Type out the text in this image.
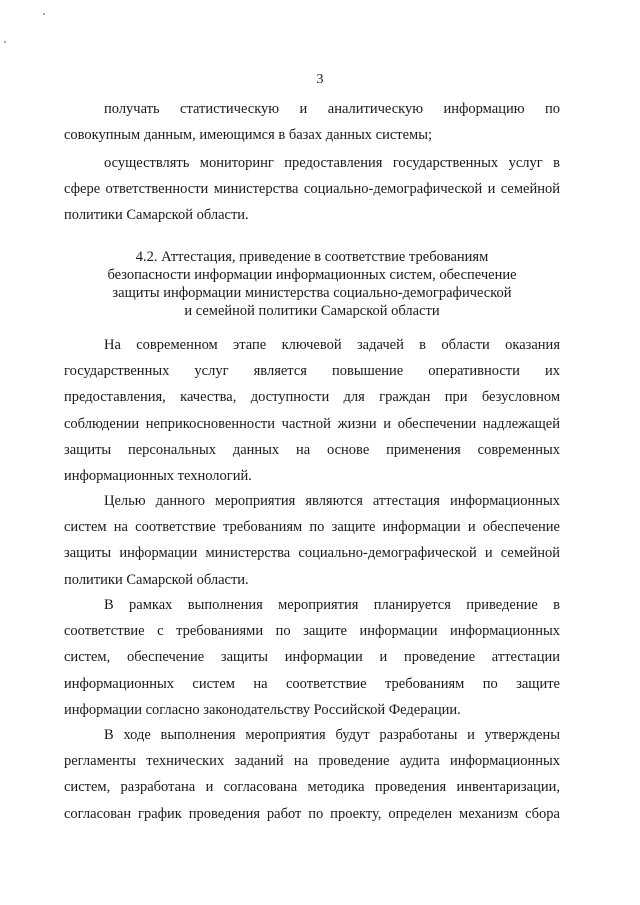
3
получать статистическую и аналитическую информацию по
совокупным данным, имеющимся в базах данных системы;
осуществлять мониторинг предоставления государственных услуг в
сфере ответственности министерства социально-демографической и семейной
политики Самарской области.
4.2. Аттестация, приведение в соответствие требованиям
безопасности информации информационных систем, обеспечение
защиты информации министерства социально-демографической
и семейной политики Самарской области
На современном этапе ключевой задачей в области оказания
государственных услуг является повышение оперативности их
предоставления, качества, доступности для граждан при безусловном
соблюдении неприкосновенности частной жизни и обеспечении надлежащей
защиты персональных данных на основе применения современных
информационных технологий.
Целью данного мероприятия являются аттестация информационных
систем на соответствие требованиям по защите информации и обеспечение
защиты информации министерства социально-демографической и семейной
политики Самарской области.
В рамках выполнения мероприятия планируется приведение в
соответствие с требованиями по защите информации информационных
систем, обеспечение защиты информации и проведение аттестации
информационных систем на соответствие требованиям по защите
информации согласно законодательству Российской Федерации.
В ходе выполнения мероприятия будут разработаны и утверждены
регламенты технических заданий на проведение аудита информационных
систем, разработана и согласована методика проведения инвентаризации,
согласован график проведения работ по проекту, определен механизм сбора
